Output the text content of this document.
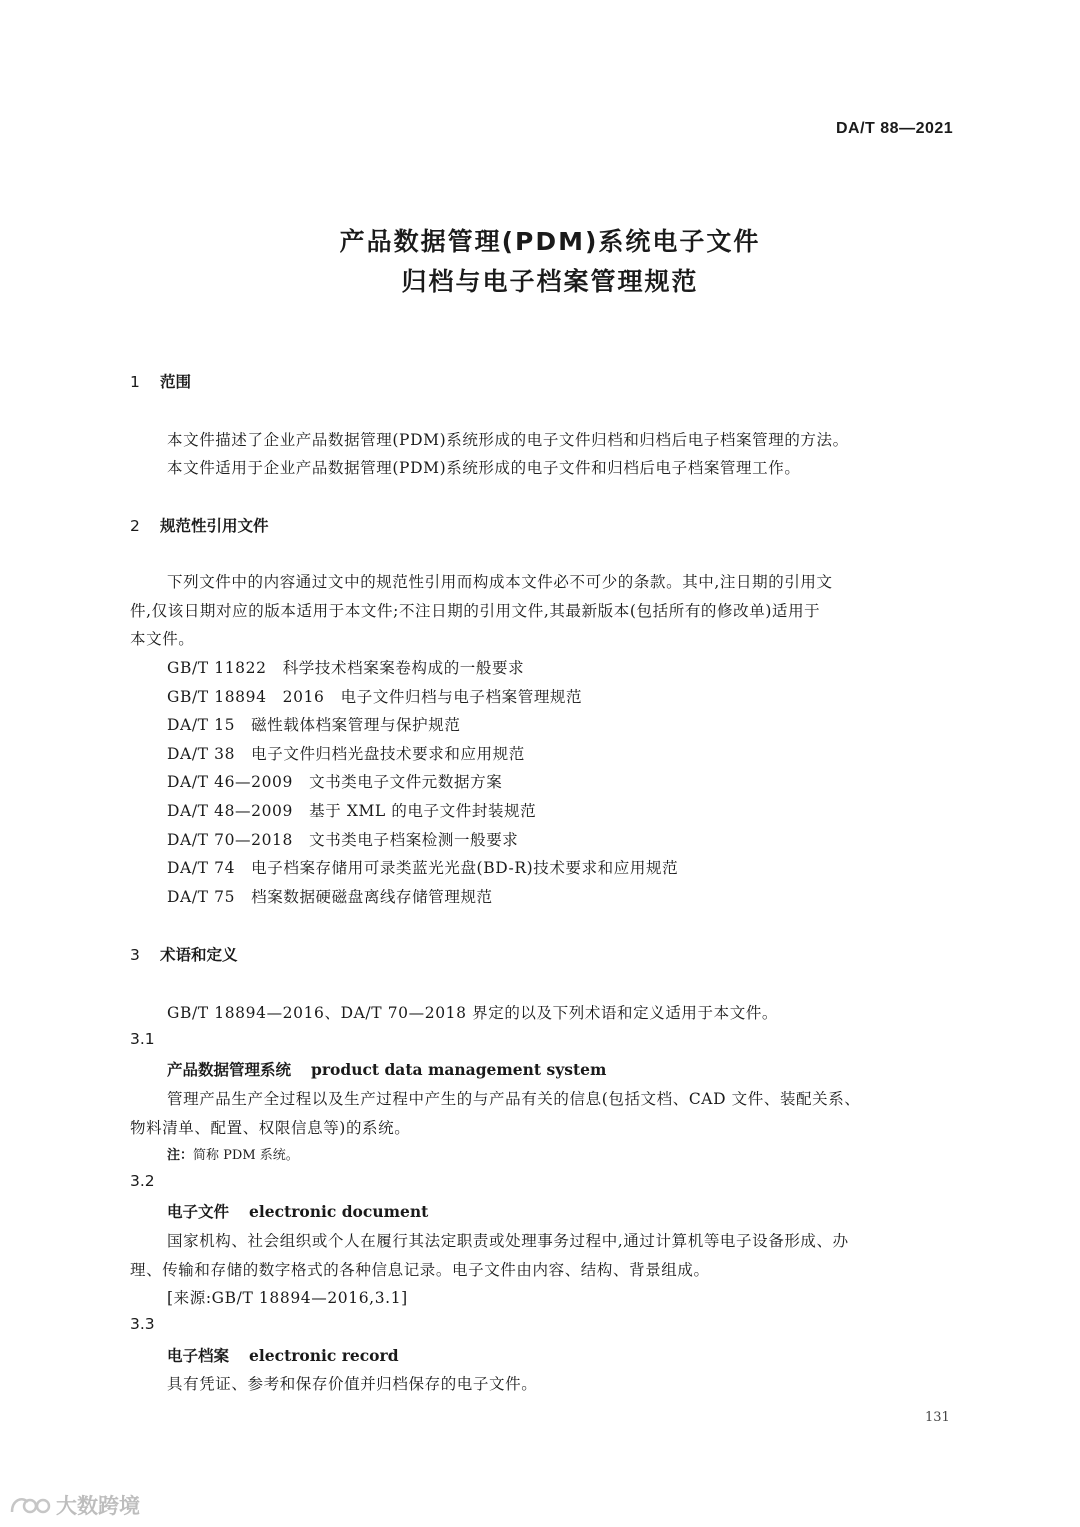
DA/T 88—2021
产品数据管理(PDM)系统电子文件
归档与电子档案管理规范
1 范围
本文件描述了企业产品数据管理(PDM)系统形成的电子文件归档和归档后电子档案管理的方法。
本文件适用于企业产品数据管理(PDM)系统形成的电子文件和归档后电子档案管理工作。
2 规范性引用文件
下列文件中的内容通过文中的规范性引用而构成本文件必不可少的条款。其中,注日期的引用文
件,仅该日期对应的版本适用于本文件;不注日期的引用文件,其最新版本(包括所有的修改单)适用于
本文件。
GB/T 11822　 科学技术档案案卷构成的一般要求
GB/T 18894　2016　 电子文件归档与电子档案管理规范
DA/T 15　 磁性载体档案管理与保护规范
DA/T 38　 电子文件归档光盘技术要求和应用规范
DA/T 46—2009　 文书类电子文件元数据方案
DA/T 48—2009　 基于 XML 的电子文件封装规范
DA/T 70—2018　 文书类电子档案检测一般要求
DA/T 74　 电子档案存储用可录类蓝光光盘(BD-R)技术要求和应用规范
DA/T 75　 档案数据硬磁盘离线存储管理规范
3 术语和定义
GB/T 18894—2016、DA/T 70—2018 界定的以及下列术语和定义适用于本文件。
3.1
产品数据管理系统 product data management system
管理产品生产全过程以及生产过程中产生的与产品有关的信息(包括文档、CAD 文件、装配关系、
物料清单、配置、权限信息等)的系统。
注：简称 PDM 系统。
3.2
电子文件 electronic document
国家机构、社会组织或个人在履行其法定职责或处理事务过程中,通过计算机等电子设备形成、办
理、传输和存储的数字格式的各种信息记录。电子文件由内容、结构、背景组成。
[来源:GB/T 18894—2016,3.1]
3.3
电子档案 electronic record
具有凭证、参考和保存价值并归档保存的电子文件。
131
大数跨境
